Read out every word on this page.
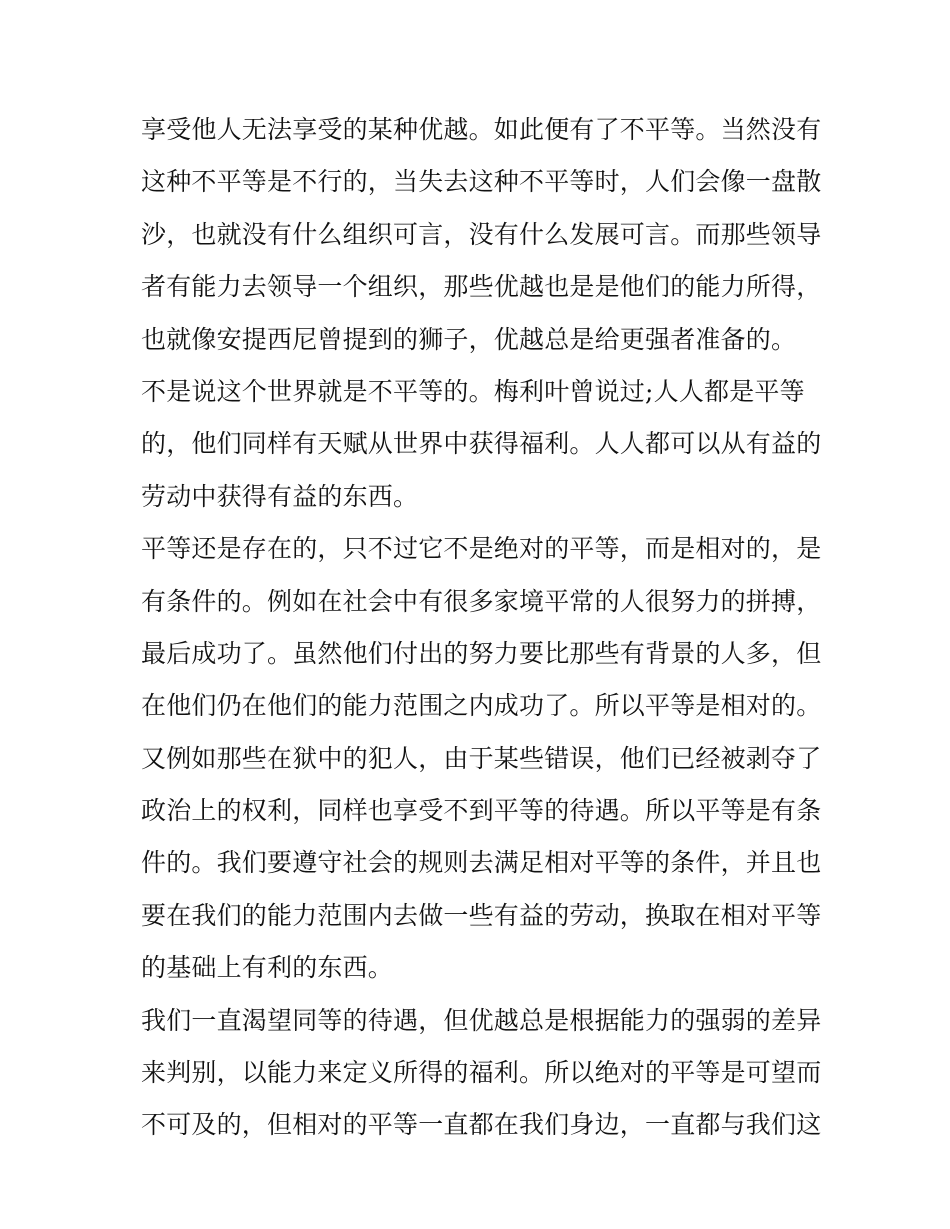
享受他人无法享受的某种优越。如此便有了不平等。当然没有
这种不平等是不行的，当失去这种不平等时，人们会像一盘散
沙，也就没有什么组织可言，没有什么发展可言。而那些领导
者有能力去领导一个组织，那些优越也是是他们的能力所得，
也就像安提西尼曾提到的狮子，优越总是给更强者准备的。
不是说这个世界就是不平等的。梅利叶曾说过;人人都是平等
的，他们同样有天赋从世界中获得福利。人人都可以从有益的
劳动中获得有益的东西。
平等还是存在的，只不过它不是绝对的平等，而是相对的，是
有条件的。例如在社会中有很多家境平常的人很努力的拼搏，
最后成功了。虽然他们付出的努力要比那些有背景的人多，但
在他们仍在他们的能力范围之内成功了。所以平等是相对的。
又例如那些在狱中的犯人，由于某些错误，他们已经被剥夺了
政治上的权利，同样也享受不到平等的待遇。所以平等是有条
件的。我们要遵守社会的规则去满足相对平等的条件，并且也
要在我们的能力范围内去做一些有益的劳动，换取在相对平等
的基础上有利的东西。
我们一直渴望同等的待遇，但优越总是根据能力的强弱的差异
来判别，以能力来定义所得的福利。所以绝对的平等是可望而
不可及的，但相对的平等一直都在我们身边，一直都与我们这
